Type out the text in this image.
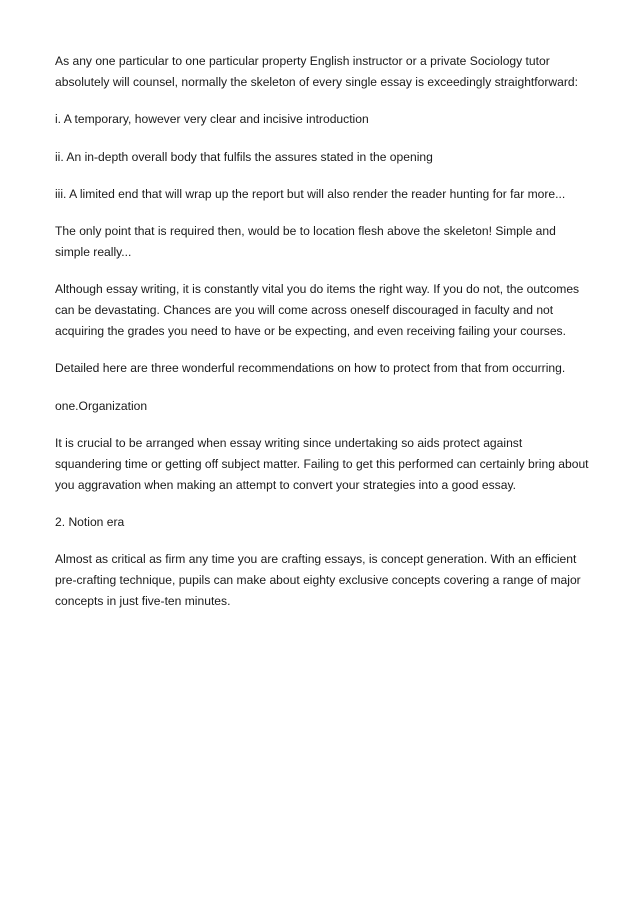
As any one particular to one particular property English instructor or a private Sociology tutor absolutely will counsel, normally the skeleton of every single essay is exceedingly straightforward:

i. A temporary, however very clear and incisive introduction

ii. An in-depth overall body that fulfils the assures stated in the opening

iii. A limited end that will wrap up the report but will also render the reader hunting for far more...

The only point that is required then, would be to location flesh above the skeleton! Simple and simple really...

Although essay writing, it is constantly vital you do items the right way. If you do not, the outcomes can be devastating. Chances are you will come across oneself discouraged in faculty and not acquiring the grades you need to have or be expecting, and even receiving failing your courses.

Detailed here are three wonderful recommendations on how to protect from that from occurring.

one.Organization

It is crucial to be arranged when essay writing since undertaking so aids protect against squandering time or getting off subject matter. Failing to get this performed can certainly bring about you aggravation when making an attempt to convert your strategies into a good essay.

2. Notion era

Almost as critical as firm any time you are crafting essays, is concept generation. With an efficient pre-crafting technique, pupils can make about eighty exclusive concepts covering a range of major concepts in just five-ten minutes.
